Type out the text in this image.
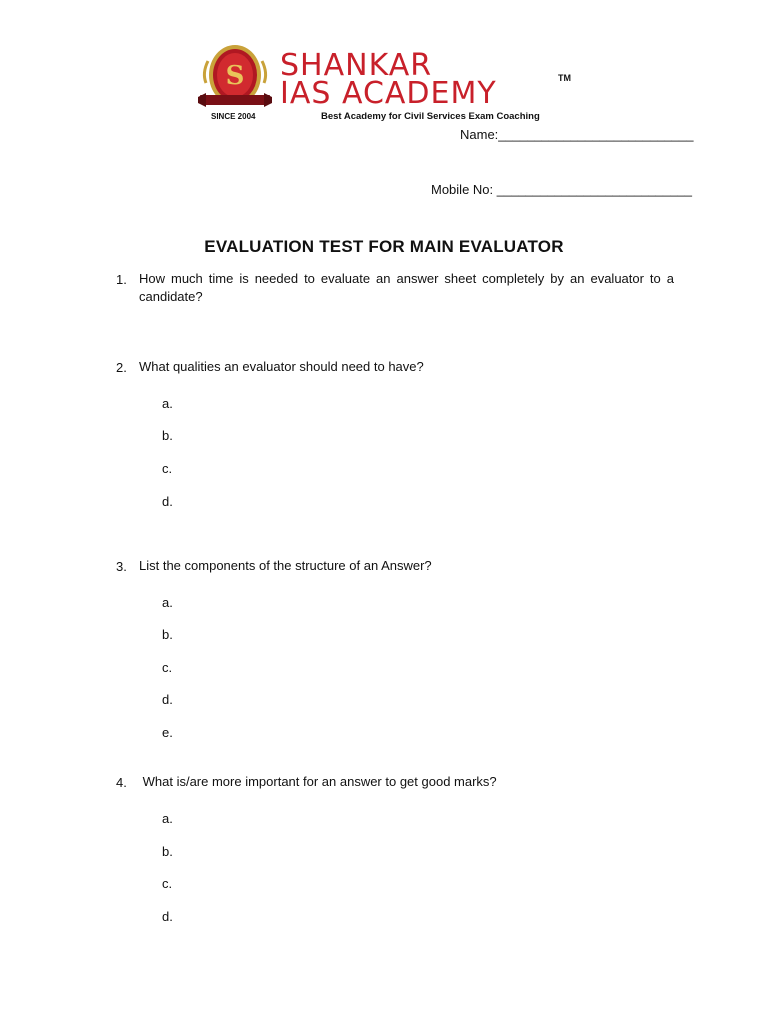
S
SINCE 2004
SHANKAR
IAS ACADEMY	TM
Best Academy for Civil Services Exam Coaching
Name:___________________________
Mobile No: ___________________________
EVALUATION TEST FOR MAIN EVALUATOR
1. How much time is needed to evaluate an answer sheet completely by an evaluator to a candidate?
2. What qualities an evaluator should need to have?
a.
b.
c.
d.
3. List the components of the structure of an Answer?
a.
b.
c.
d.
e.
4. What is/are more important for an answer to get good marks?
a.
b.
c.
d.
